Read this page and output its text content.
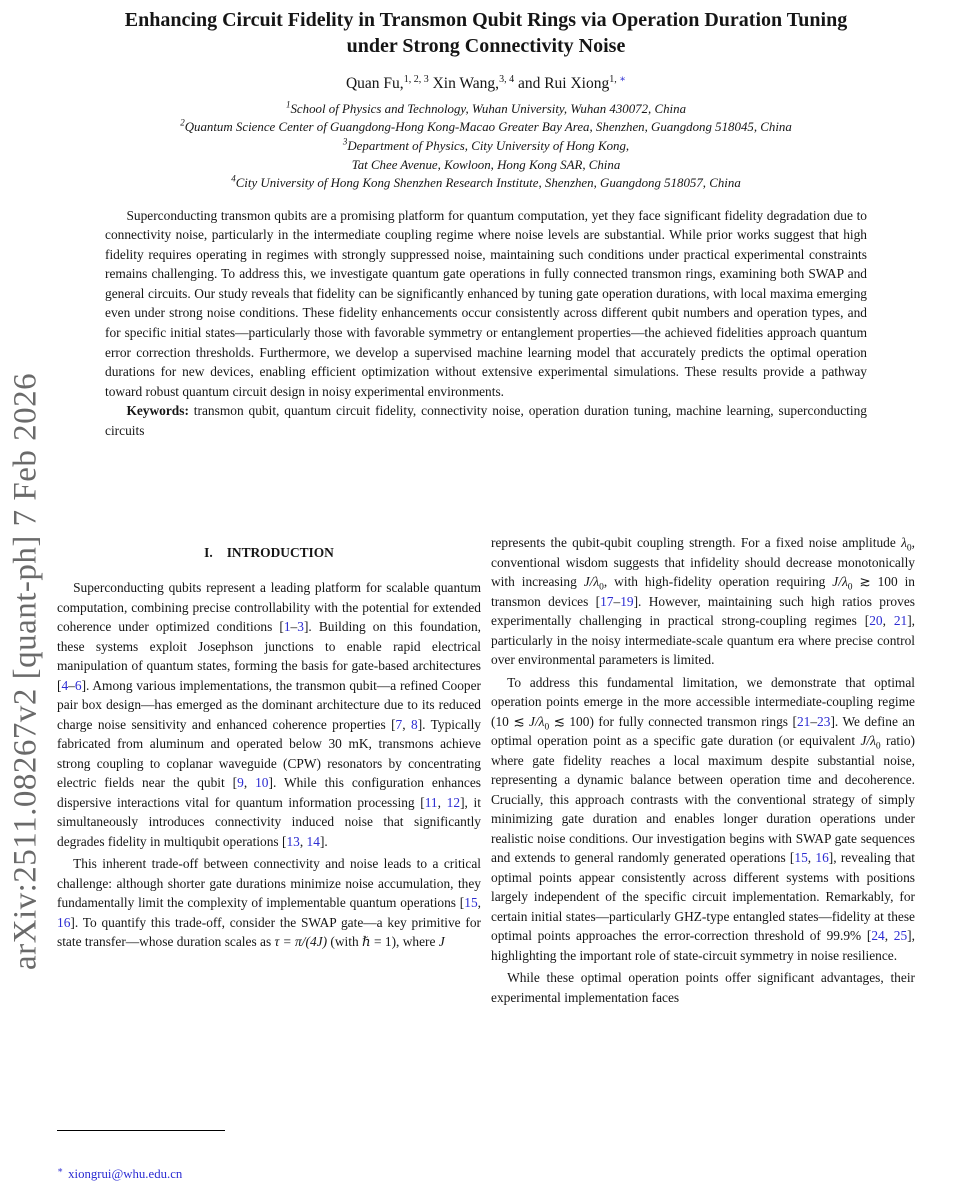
arXiv:2511.08267v2 [quant-ph] 7 Feb 2026
Enhancing Circuit Fidelity in Transmon Qubit Rings via Operation Duration Tuning
under Strong Connectivity Noise
Quan Fu,$^{1, 2, 3}$ Xin Wang,$^{3, 4}$ and Rui Xiong$^{1,}$ ∗
$^1$School of Physics and Technology, Wuhan University, Wuhan 430072, China
$^2$Quantum Science Center of Guangdong-Hong Kong-Macao Greater Bay Area, Shenzhen, Guangdong 518045, China
$^3$Department of Physics, City University of Hong Kong,
Tat Chee Avenue, Kowloon, Hong Kong SAR, China
$^4$City University of Hong Kong Shenzhen Research Institute, Shenzhen, Guangdong 518057, China

Superconducting transmon qubits are a promising platform for quantum computation, yet they face significant fidelity degradation due to connectivity noise, particularly in the intermediate coupling regime where noise levels are substantial. While prior works suggest that high fidelity requires operating in regimes with strongly suppressed noise, maintaining such conditions under practical experimental constraints remains challenging. To address this, we investigate quantum gate operations in fully connected transmon rings, examining both SWAP and general circuits. Our study reveals that fidelity can be significantly enhanced by tuning gate operation durations, with local maxima emerging even under strong noise conditions. These fidelity enhancements occur consistently across different qubit numbers and operation types, and for specific initial states—particularly those with favorable symmetry or entanglement properties—the achieved fidelities approach quantum error correction thresholds. Furthermore, we develop a supervised machine learning model that accurately predicts the optimal operation durations for new devices, enabling efficient optimization without extensive experimental simulations. These results provide a pathway toward robust quantum circuit design in noisy experimental environments.

Keywords: transmon qubit, quantum circuit fidelity, connectivity noise, operation duration tuning, machine learning, superconducting circuits

I. INTRODUCTION

Superconducting qubits represent a leading platform for scalable quantum computation, combining precise controllability with the potential for extended coherence under optimized conditions [1–3]. Building on this foundation, these systems exploit Josephson junctions to enable rapid electrical manipulation of quantum states, forming the basis for gate-based architectures [4–6]. Among various implementations, the transmon qubit—a refined Cooper pair box design—has emerged as the dominant architecture due to its reduced charge noise sensitivity and enhanced coherence properties [7, 8]. Typically fabricated from aluminum and operated below 30 mK, transmons achieve strong coupling to coplanar waveguide (CPW) resonators by concentrating electric fields near the qubit [9, 10]. While this configuration enhances dispersive interactions vital for quantum information processing [11, 12], it simultaneously introduces connectivity induced noise that significantly degrades fidelity in multiqubit operations [13, 14].

This inherent trade-off between connectivity and noise leads to a critical challenge: although shorter gate durations minimize noise accumulation, they fundamentally limit the complexity of implementable quantum operations [15, 16]. To quantify this trade-off, consider the SWAP gate—a key primitive for state transfer—whose duration scales as τ = π/(4J) (with ℏ = 1), where J

represents the qubit-qubit coupling strength. For a fixed noise amplitude $\lambda_0$, conventional wisdom suggests that infidelity should decrease monotonically with increasing $J/\lambda_0$, with high-fidelity operation requiring $J/\lambda_0$ ≳ 100 in transmon devices [17–19]. However, maintaining such high ratios proves experimentally challenging in practical strong-coupling regimes [20, 21], particularly in the noisy intermediate-scale quantum era where precise control over environmental parameters is limited.

To address this fundamental limitation, we demonstrate that optimal operation points emerge in the more accessible intermediate-coupling regime (10 ≲ $J/\lambda_0$ ≲ 100) for fully connected transmon rings [21–23]. We define an optimal operation point as a specific gate duration (or equivalent $J/\lambda_0$ ratio) where gate fidelity reaches a local maximum despite substantial noise, representing a dynamic balance between operation time and decoherence. Crucially, this approach contrasts with the conventional strategy of simply minimizing gate duration and enables longer duration operations under realistic noise conditions. Our investigation begins with SWAP gate sequences and extends to general randomly generated operations [15, 16], revealing that optimal points appear consistently across different systems with positions largely independent of the specific circuit implementation. Remarkably, for certain initial states—particularly GHZ-type entangled states—fidelity at these optimal points approaches the error-correction threshold of 99.9% [24, 25], highlighting the important role of state-circuit symmetry in noise resilience.

While these optimal operation points offer significant advantages, their experimental implementation faces

∗ xiongrui@whu.edu.cn
